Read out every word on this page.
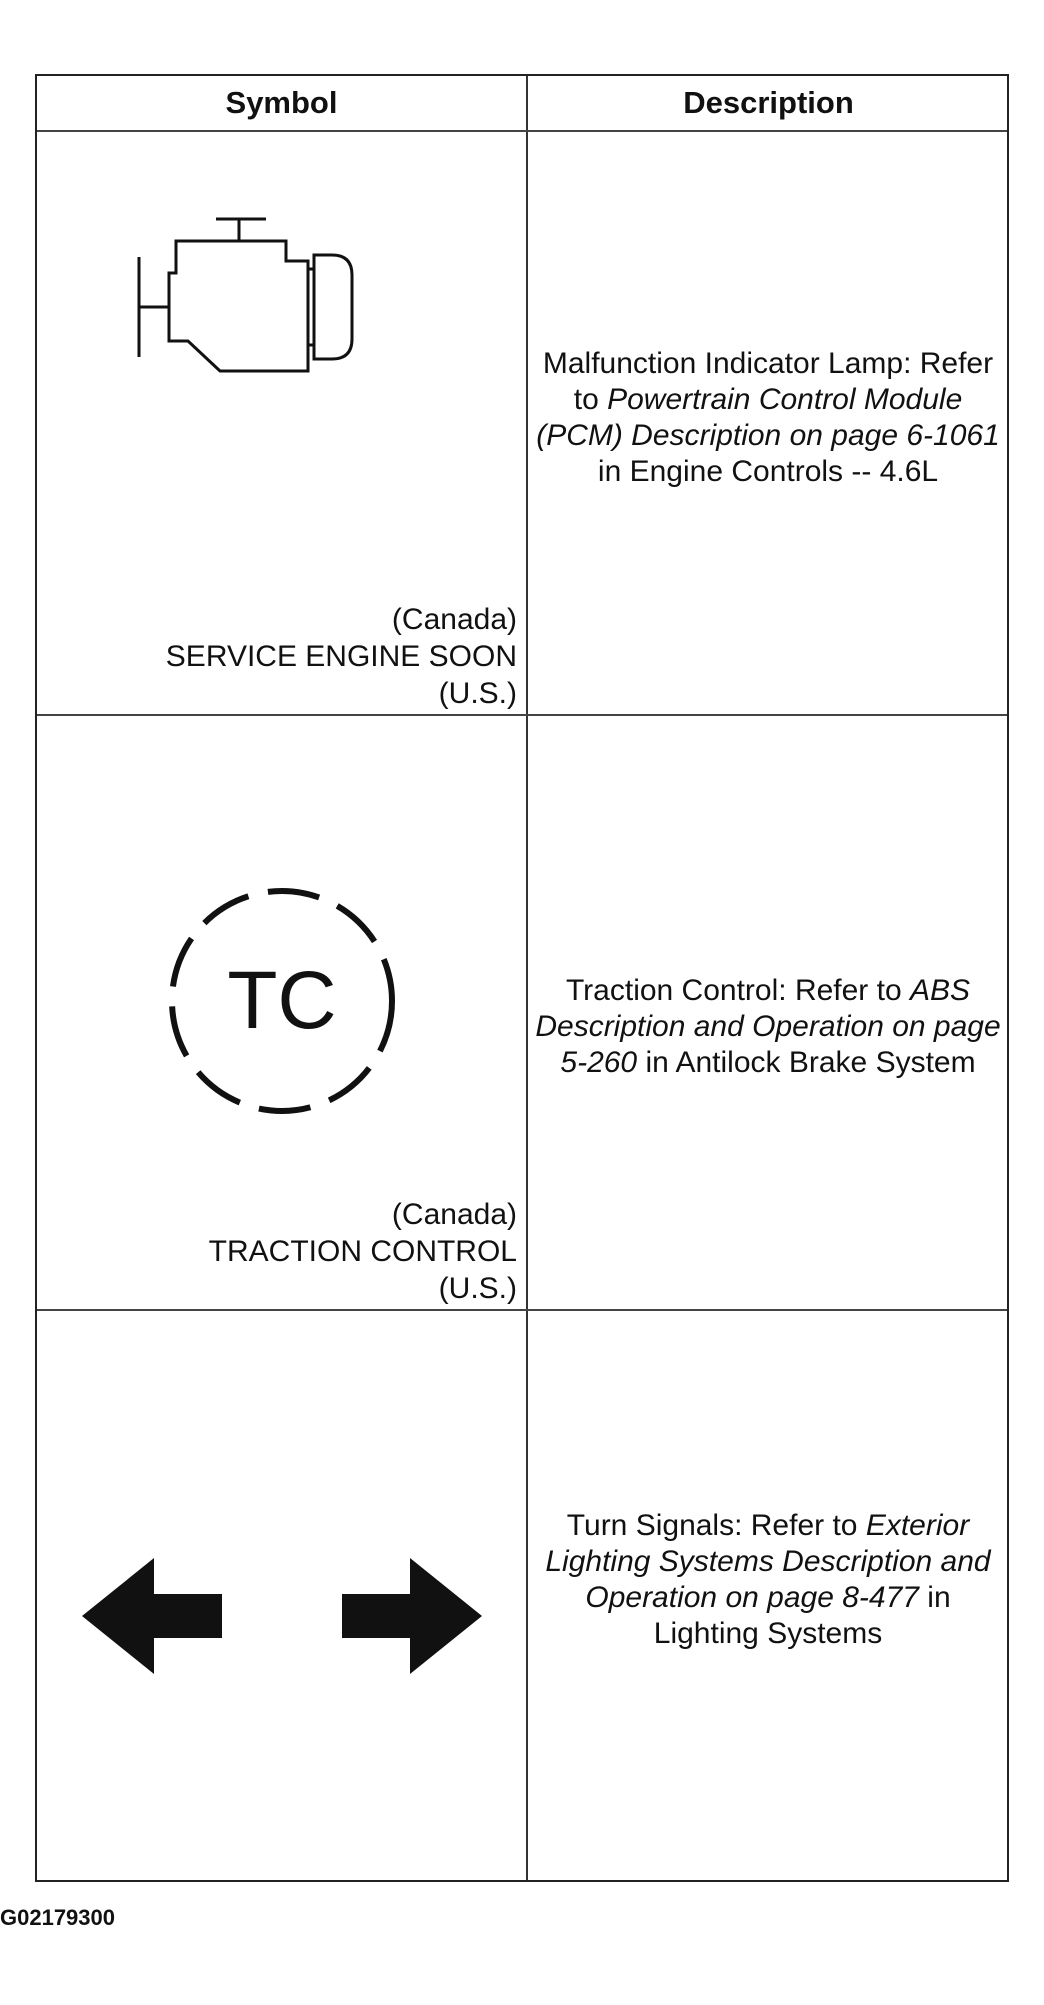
Symbol	Description
(Canada)
SERVICE ENGINE SOON
(U.S.)
Malfunction Indicator Lamp: Refer to Powertrain Control Module (PCM) Description on page 6-1061 in Engine Controls -- 4.6L
TC
(Canada)
TRACTION CONTROL
(U.S.)
Traction Control: Refer to ABS Description and Operation on page 5-260 in Antilock Brake System
Turn Signals: Refer to Exterior Lighting Systems Description and Operation on page 8-477 in Lighting Systems
G02179300
